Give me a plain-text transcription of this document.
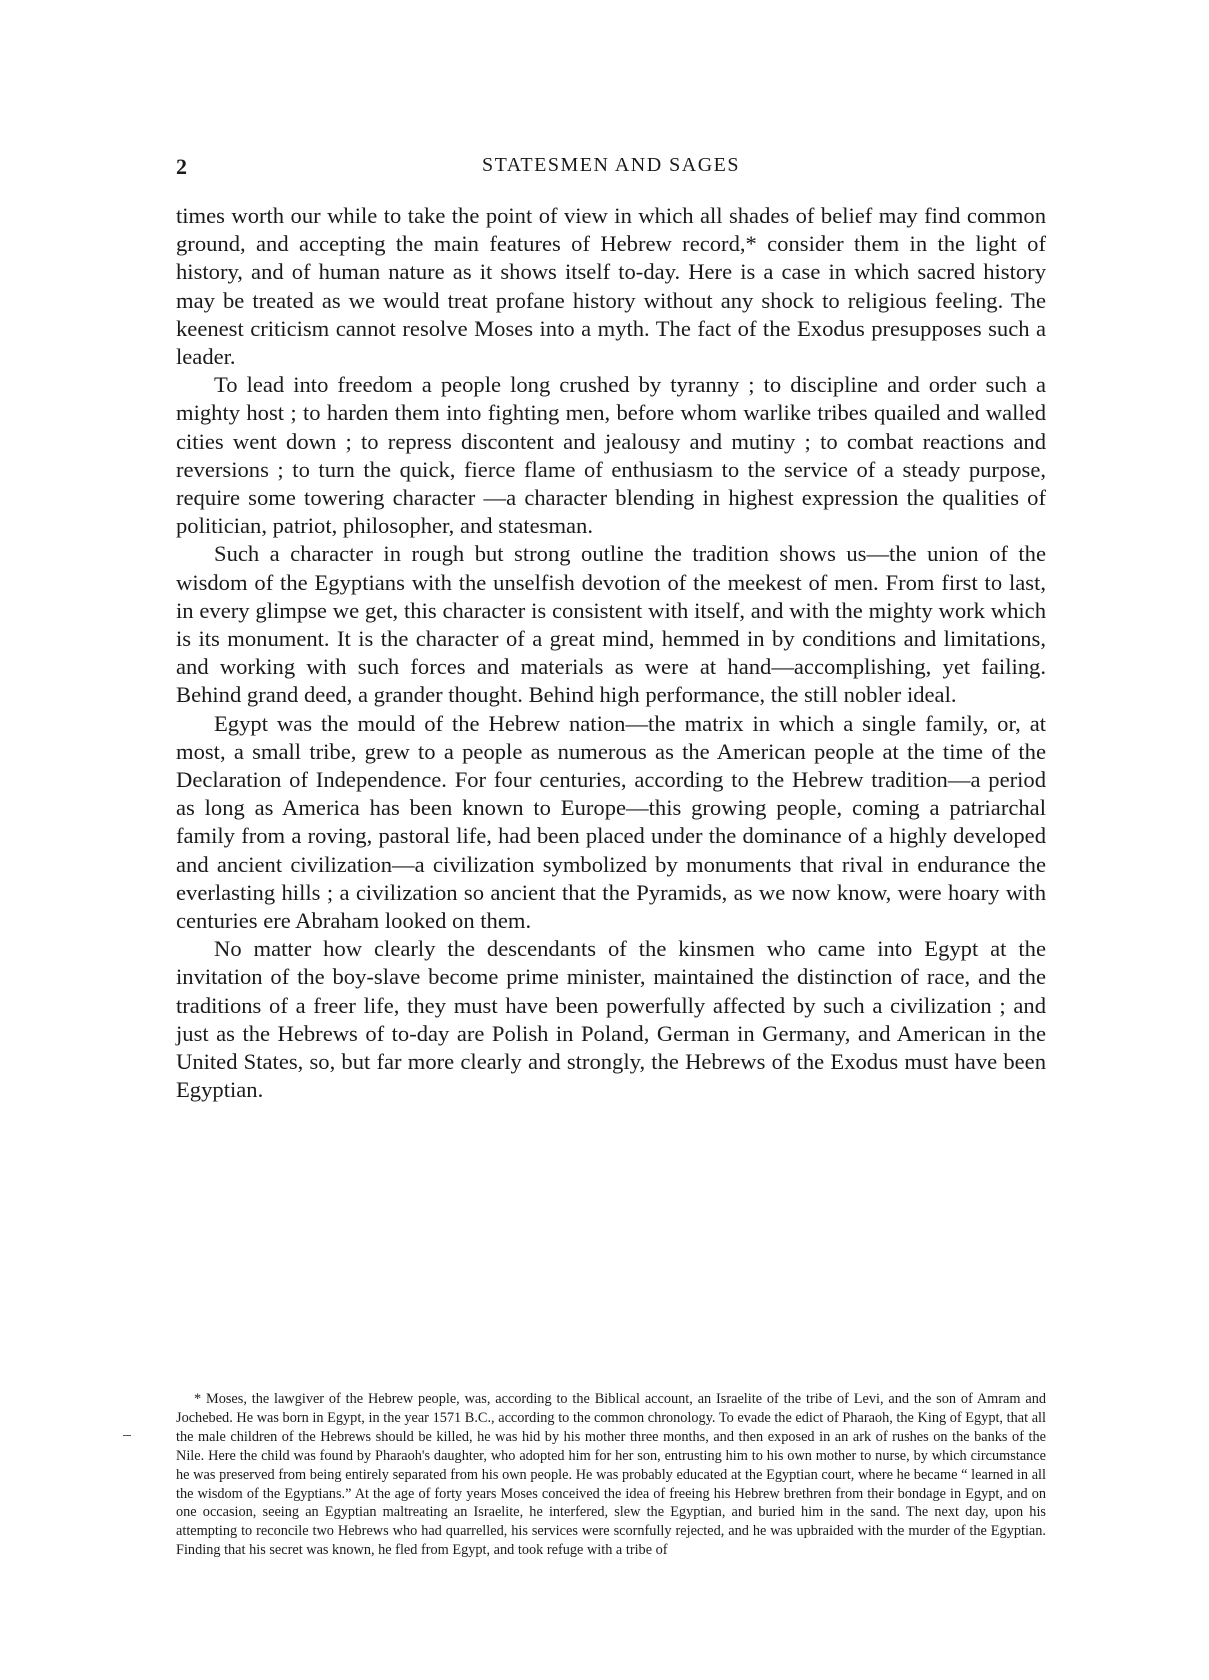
2	STATESMEN AND SAGES

times worth our while to take the point of view in which all shades of belief may find common ground, and accepting the main features of Hebrew record,* consider them in the light of history, and of human nature as it shows itself to-day. Here is a case in which sacred history may be treated as we would treat profane history without any shock to religious feeling. The keenest criticism cannot resolve Moses into a myth. The fact of the Exodus presupposes such a leader.

To lead into freedom a people long crushed by tyranny ; to discipline and order such a mighty host ; to harden them into fighting men, before whom warlike tribes quailed and walled cities went down ; to repress discontent and jealousy and mutiny ; to combat reactions and reversions ; to turn the quick, fierce flame of enthusiasm to the service of a steady purpose, require some towering character —a character blending in highest expression the qualities of politician, patriot, philosopher, and statesman.

Such a character in rough but strong outline the tradition shows us—the union of the wisdom of the Egyptians with the unselfish devotion of the meekest of men. From first to last, in every glimpse we get, this character is consistent with itself, and with the mighty work which is its monument. It is the character of a great mind, hemmed in by conditions and limitations, and working with such forces and materials as were at hand—accomplishing, yet failing. Behind grand deed, a grander thought. Behind high performance, the still nobler ideal.

Egypt was the mould of the Hebrew nation—the matrix in which a single family, or, at most, a small tribe, grew to a people as numerous as the American people at the time of the Declaration of Independence. For four centuries, according to the Hebrew tradition—a period as long as America has been known to Europe—this growing people, coming a patriarchal family from a roving, pastoral life, had been placed under the dominance of a highly developed and ancient civilization—a civilization symbolized by monuments that rival in endurance the everlasting hills ; a civilization so ancient that the Pyramids, as we now know, were hoary with centuries ere Abraham looked on them.

No matter how clearly the descendants of the kinsmen who came into Egypt at the invitation of the boy-slave become prime minister, maintained the distinction of race, and the traditions of a freer life, they must have been powerfully affected by such a civilization ; and just as the Hebrews of to-day are Polish in Poland, German in Germany, and American in the United States, so, but far more clearly and strongly, the Hebrews of the Exodus must have been Egyptian.

* Moses, the lawgiver of the Hebrew people, was, according to the Biblical account, an Israelite of the tribe of Levi, and the son of Amram and Jochebed. He was born in Egypt, in the year 1571 B.C., according to the common chronology. To evade the edict of Pharaoh, the King of Egypt, that all the male children of the Hebrews should be killed, he was hid by his mother three months, and then exposed in an ark of rushes on the banks of the Nile. Here the child was found by Pharaoh's daughter, who adopted him for her son, entrusting him to his own mother to nurse, by which circumstance he was preserved from being entirely separated from his own people. He was probably educated at the Egyptian court, where he became “ learned in all the wisdom of the Egyptians.” At the age of forty years Moses conceived the idea of freeing his Hebrew brethren from their bondage in Egypt, and on one occasion, seeing an Egyptian maltreating an Israelite, he interfered, slew the Egyptian, and buried him in the sand. The next day, upon his attempting to reconcile two Hebrews who had quarrelled, his services were scornfully rejected, and he was upbraided with the murder of the Egyptian. Finding that his secret was known, he fled from Egypt, and took refuge with a tribe of
